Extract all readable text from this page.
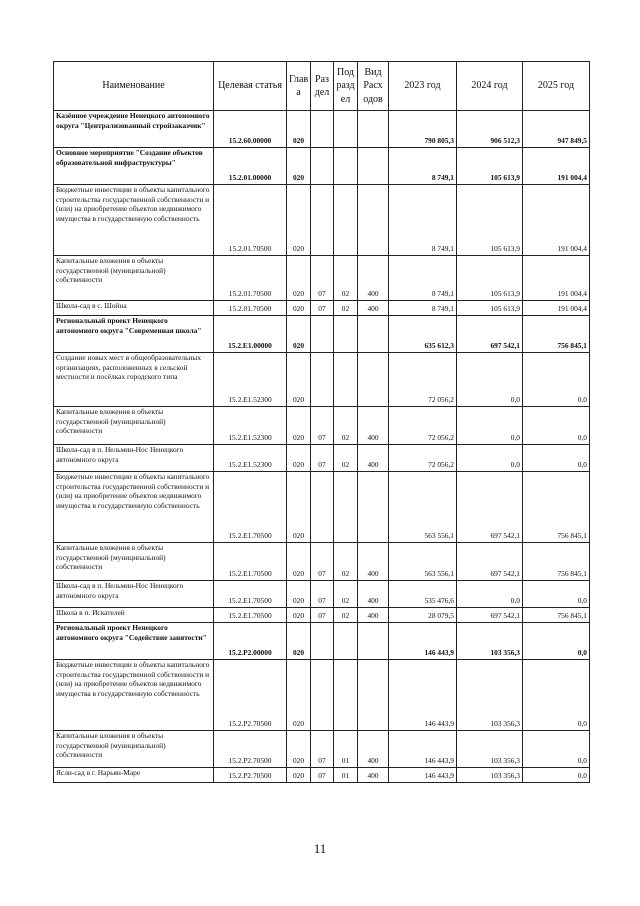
Наименование	Целевая статья	Глав а	Раз дел	Под разд ел	Вид Расх одов	2023 год	2024 год	2025 год
Казённое учреждение Ненецкого автономного округа "Централизованный стройзаказчик"	15.2.60.00000	020				790 805,3	906 512,3	947 849,5
Основное мероприятие "Создание объектов образовательной инфраструктуры"	15.2.01.00000	020				8 749,1	105 613,9	191 004,4
Бюджетные инвестиции в объекты капитального строительства государственной собственности и (или) на приобретение объектов недвижимого имущества в государственную собственность	15.2.01.70500	020				8 749,1	105 613,9	191 004,4
Капитальные вложения в объекты государственной (муниципальной) собственности	15.2.01.70500	020	07	02	400	8 749,1	105 613,9	191 004,4
Школа-сад в с. Шойна	15.2.01.70500	020	07	02	400	8 749,1	105 613,9	191 004,4
Региональный проект Ненецкого автономного округа "Современная школа"	15.2.E1.00000	020				635 612,3	697 542,1	756 845,1
Создание новых мест в общеобразовательных организациях, расположенных в сельской местности и посёлках городского типа	15.2.E1.52300	020				72 056,2	0,0	0,0
Капитальные вложения в объекты государственной (муниципальной) собственности	15.2.E1.52300	020	07	02	400	72 056,2	0,0	0,0
Школа-сад в п. Нельмин-Нос Ненецкого автономного округа	15.2.E1.52300	020	07	02	400	72 056,2	0,0	0,0
Бюджетные инвестиции в объекты капитального строительства государственной собственности и (или) на приобретение объектов недвижимого имущества в государственную собственность	15.2.E1.70500	020				563 556,1	697 542,1	756 845,1
Капитальные вложения в объекты государственной (муниципальной) собственности	15.2.E1.70500	020	07	02	400	563 556,1	697 542,1	756 845,1
Школа-сад в п. Нельмин-Нос Ненецкого автономного округа	15.2.E1.70500	020	07	02	400	535 476,6	0,0	0,0
Школа в п. Искателей	15.2.E1.70500	020	07	02	400	28 079,5	697 542,1	756 845,1
Региональный проект Ненецкого автономного округа "Содействие занятости"	15.2.P2.00000	020				146 443,9	103 356,3	0,0
Бюджетные инвестиции в объекты капитального строительства государственной собственности и (или) на приобретение объектов недвижимого имущества в государственную собственность	15.2.P2.70500	020				146 443,9	103 356,3	0,0
Капитальные вложения в объекты государственной (муниципальной) собственности	15.2.P2.70500	020	07	01	400	146 443,9	103 356,3	0,0
Ясли-сад в г. Нарьян-Маре	15.2.P2.70500	020	07	01	400	146 443,9	103 356,3	0,0
11
